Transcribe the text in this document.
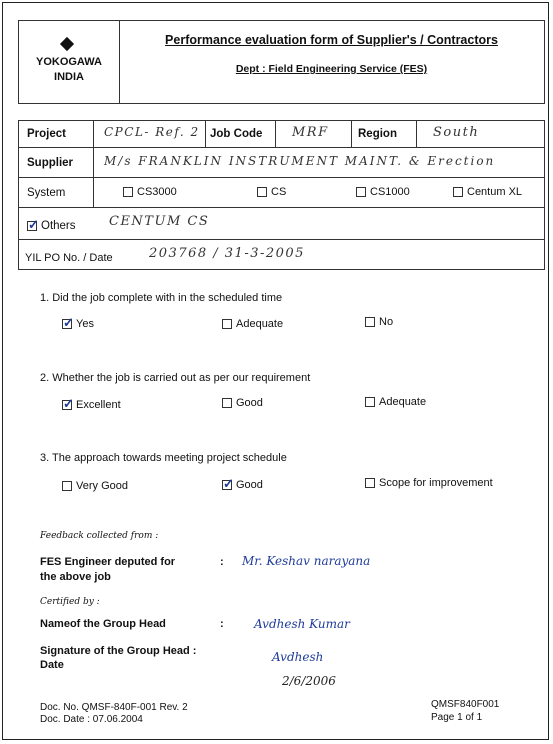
YOKOGAWA
INDIA
Performance evaluation form of Supplier's / Contractors
Dept : Field Engineering Service (FES)
Project	CPCL- Ref. 2 Job Code	MRF	Region	South
Supplier	M/s FRANKLIN INSTRUMENT MAINT. & Erection
System	CS3000	CS	CS1000	Centum XL
✓Others	CENTUM CS
YIL PO No. / Date	203768 / 31-3-2005
1. Did the job complete with in the scheduled time
✓Yes	Adequate	No
2. Whether the job is carried out as per our requirement
✓Excellent	Good	Adequate
3. The approach towards meeting project schedule
Very Good
✓	Good	Scope for improvement
Feedback collected from :
FES Engineer deputed for
the above job
: Mr. Keshav narayana
Certified by :
Nameof the Group Head	:	Avdhesh Kumar
Signature of the Group Head :
Date
Avdhesh
2/6/2006
Doc. No. QMSF-840F-001 Rev. 2
Doc. Date : 07.06.2004
QMSF840F001
Page 1 of 1
